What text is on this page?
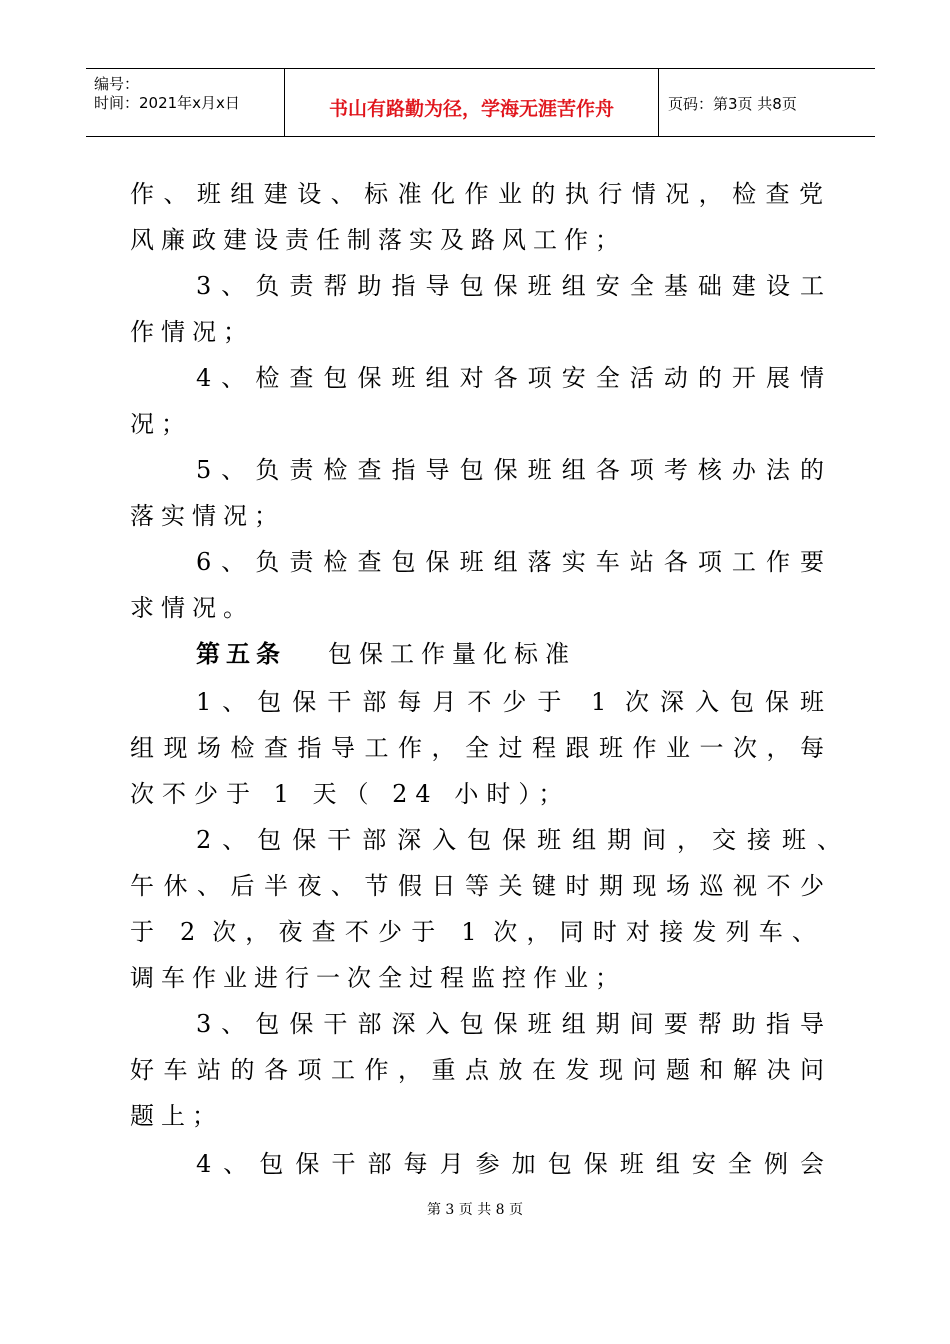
编号：
时间：2021年x月x日	书山有路勤为径，学海无涯苦作舟	页码：第3页 共8页
作、班组建设、标准化作业的执行情况，检查党
风廉政建设责任制落实及路风工作；
3、负责帮助指导包保班组安全基础建设工
作情况；
4、检查包保班组对各项安全活动的开展情
况；
5、负责检查指导包保班组各项考核办法的
落实情况；
6、负责检查包保班组落实车站各项工作要
求情况。
第五条 包保工作量化标准
1、包保干部每月不少于 1 次深入包保班
组现场检查指导工作，全过程跟班作业一次，每
次不少于 1 天（ 24 小时）；
2、包保干部深入包保班组期间，交接班、
午休、后半夜、节假日等关键时期现场巡视不少
于 2 次，夜查不少于 1 次，同时对接发列车、
调车作业进行一次全过程监控作业；
3、包保干部深入包保班组期间要帮助指导
好车站的各项工作，重点放在发现问题和解决问
题上；
4、包保干部每月参加包保班组安全例会
第 3 页 共 8 页
